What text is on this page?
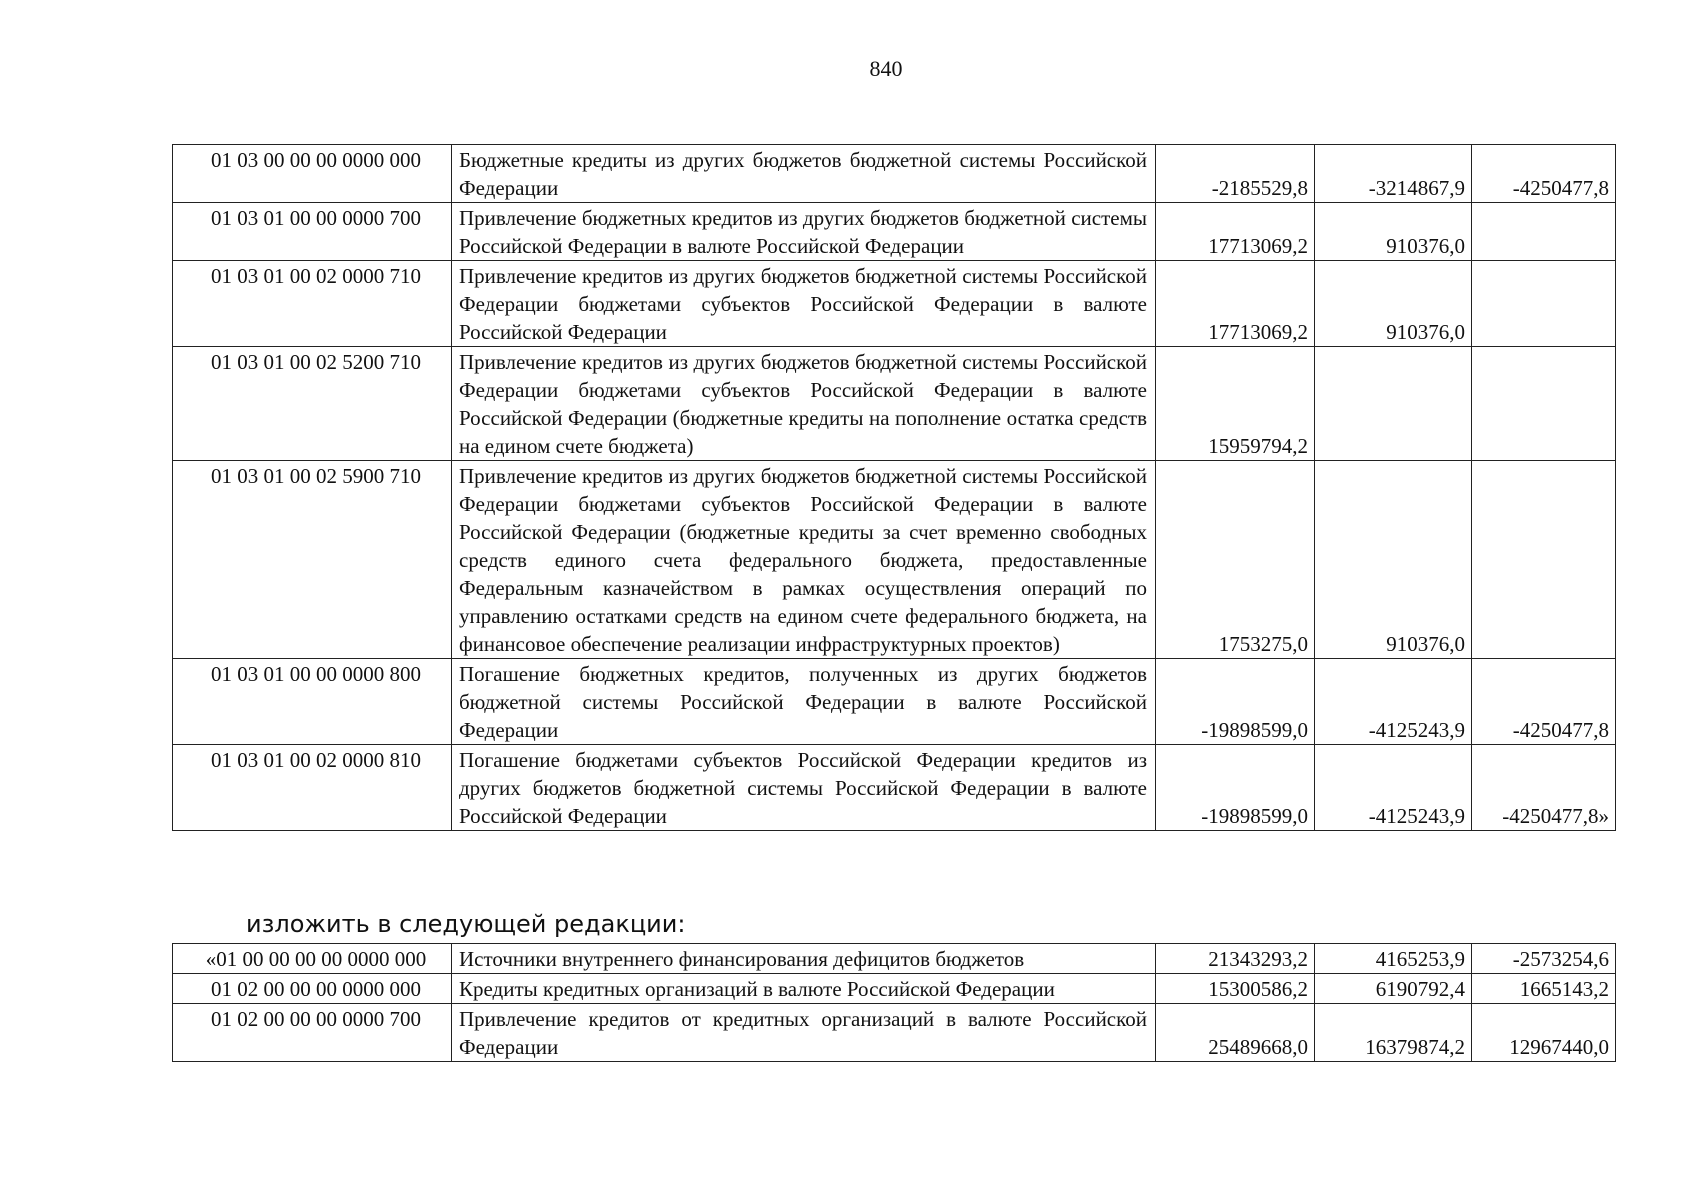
840
01 03 00 00 00 0000 000	Бюджетные кредиты из других бюджетов бюджетной системы Российской Федерации	-2185529,8	-3214867,9	-4250477,8
01 03 01 00 00 0000 700	Привлечение бюджетных кредитов из других бюджетов бюджетной системы Российской Федерации в валюте Российской Федерации	17713069,2	910376,0	
01 03 01 00 02 0000 710	Привлечение кредитов из других бюджетов бюджетной системы Российской Федерации бюджетами субъектов Российской Федерации в валюте Российской Федерации	17713069,2	910376,0	
01 03 01 00 02 5200 710	Привлечение кредитов из других бюджетов бюджетной системы Российской Федерации бюджетами субъектов Российской Федерации в валюте Российской Федерации (бюджетные кредиты на пополнение остатка средств на едином счете бюджета)	15959794,2		
01 03 01 00 02 5900 710	Привлечение кредитов из других бюджетов бюджетной системы Российской Федерации бюджетами субъектов Российской Федерации в валюте Российской Федерации (бюджетные кредиты за счет временно свободных средств единого счета федерального бюджета, предоставленные Федеральным казначейством в рамках осуществления операций по управлению остатками средств на едином счете федерального бюджета, на финансовое обеспечение реализации инфраструктурных проектов)	1753275,0	910376,0	
01 03 01 00 00 0000 800	Погашение бюджетных кредитов, полученных из других бюджетов бюджетной системы Российской Федерации в валюте Российской Федерации	-19898599,0	-4125243,9	-4250477,8
01 03 01 00 02 0000 810	Погашение бюджетами субъектов Российской Федерации кредитов из других бюджетов бюджетной системы Российской Федерации в валюте Российской Федерации	-19898599,0	-4125243,9	-4250477,8»
изложить в следующей редакции:
«01 00 00 00 00 0000 000	Источники внутреннего финансирования дефицитов бюджетов	21343293,2	4165253,9	-2573254,6
01 02 00 00 00 0000 000	Кредиты кредитных организаций в валюте Российской Федерации	15300586,2	6190792,4	1665143,2
01 02 00 00 00 0000 700	Привлечение кредитов от кредитных организаций в валюте Российской Федерации	25489668,0	16379874,2	12967440,0
